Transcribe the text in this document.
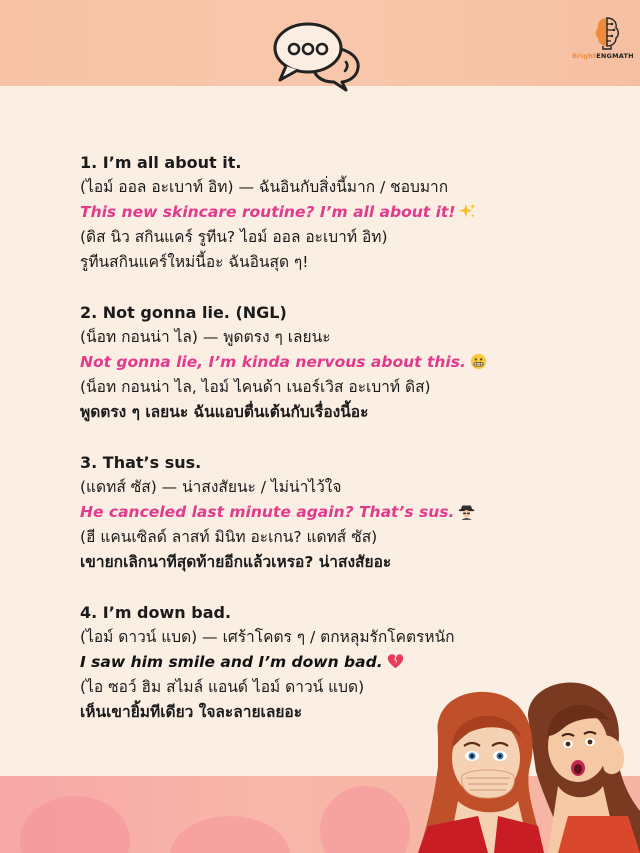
BrightENGMATH
1. I’m all about it.
(ไอม์ ออล อะเบาท์ อิท) — ฉันอินกับสิ่งนี้มาก / ชอบมาก
This new skincare routine? I’m all about it!
(ดิส นิว สกินแคร์ รูทีน? ไอม์ ออล อะเบาท์ อิท)
รูทีนสกินแคร์ใหม่นี้อะ ฉันอินสุด ๆ!
2. Not gonna lie. (NGL)
(น็อท กอนน่า ไล) — พูดตรง ๆ เลยนะ
Not gonna lie, I’m kinda nervous about this.
(น็อท กอนน่า ไล, ไอม์ ไคนด้า เนอร์เวิส อะเบาท์ ดิส)
พูดตรง ๆ เลยนะ ฉันแอบตื่นเต้นกับเรื่องนี้อะ
3. That’s sus.
(แดทส์ ซัส) — น่าสงสัยนะ / ไม่น่าไว้ใจ
He canceled last minute again? That’s sus.
(ฮี แคนเซิลด์ ลาสท์ มินิท อะเกน? แดทส์ ซัส)
เขายกเลิกนาทีสุดท้ายอีกแล้วเหรอ? น่าสงสัยอะ
4. I’m down bad.
(ไอม์ ดาวน์ แบด) — เศร้าโคตร ๆ / ตกหลุมรักโคตรหนัก
I saw him smile and I’m down bad.
(ไอ ซอว์ ฮิม สไมล์ แอนด์ ไอม์ ดาวน์ แบด)
เห็นเขายิ้มทีเดียว ใจละลายเลยอะ
